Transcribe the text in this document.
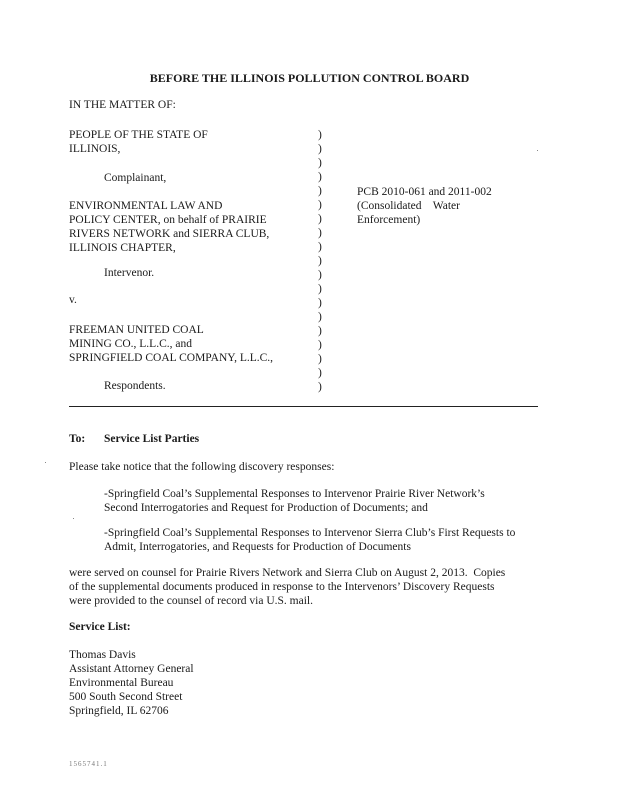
BEFORE THE ILLINOIS POLLUTION CONTROL BOARD
IN THE MATTER OF:
PEOPLE OF THE STATE OF
ILLINOIS,
Complainant,
ENVIRONMENTAL LAW AND
POLICY CENTER, on behalf of PRAIRIE
RIVERS NETWORK and SIERRA CLUB,
ILLINOIS CHAPTER,
Intervenor.
v.
FREEMAN UNITED COAL
MINING CO., L.L.C., and
SPRINGFIELD COAL COMPANY, L.L.C.,
Respondents.
)
)
)
)
)
)
)
)
)
)
)
)
)
)
)
)
)
)
)
PCB 2010-061 and 2011-002
(Consolidated    Water
Enforcement)
To: Service List Parties
Please take notice that the following discovery responses:
-Springfield Coal’s Supplemental Responses to Intervenor Prairie River Network’s
Second Interrogatories and Request for Production of Documents; and
-Springfield Coal’s Supplemental Responses to Intervenor Sierra Club’s First Requests to
Admit, Interrogatories, and Requests for Production of Documents
were served on counsel for Prairie Rivers Network and Sierra Club on August 2, 2013.  Copies
of the supplemental documents produced in response to the Intervenors’ Discovery Requests
were provided to the counsel of record via U.S. mail.
Service List:
Thomas Davis
Assistant Attorney General
Environmental Bureau
500 South Second Street
Springfield, IL 62706
1565741.1
